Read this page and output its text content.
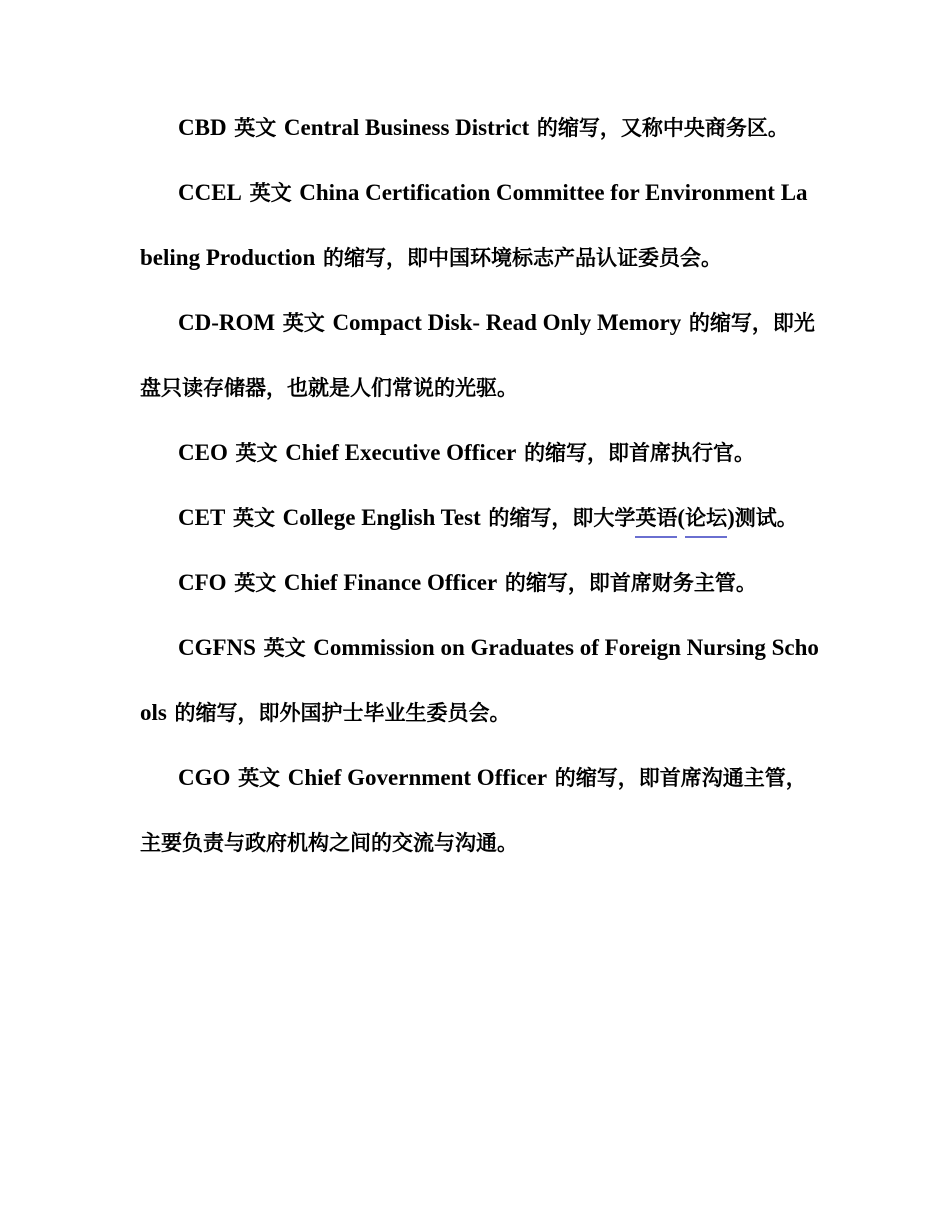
CBD 英文 Central Business District 的缩写，又称中央商务区。

CCEL 英文 China Certification Committee for Environment Labeling Production 的缩写，即中国环境标志产品认证委员会。

CD-ROM 英文 Compact Disk- Read Only Memory 的缩写，即光盘只读存储器，也就是人们常说的光驱。

CEO 英文 Chief Executive Officer 的缩写，即首席执行官。

CET 英文 College English Test 的缩写，即大学英语(论坛)测试。

CFO 英文 Chief Finance Officer 的缩写，即首席财务主管。

CGFNS 英文 Commission on Graduates of Foreign Nursing Schools 的缩写，即外国护士毕业生委员会。

CGO 英文 Chief Government Officer 的缩写，即首席沟通主管，主要负责与政府机构之间的交流与沟通。
